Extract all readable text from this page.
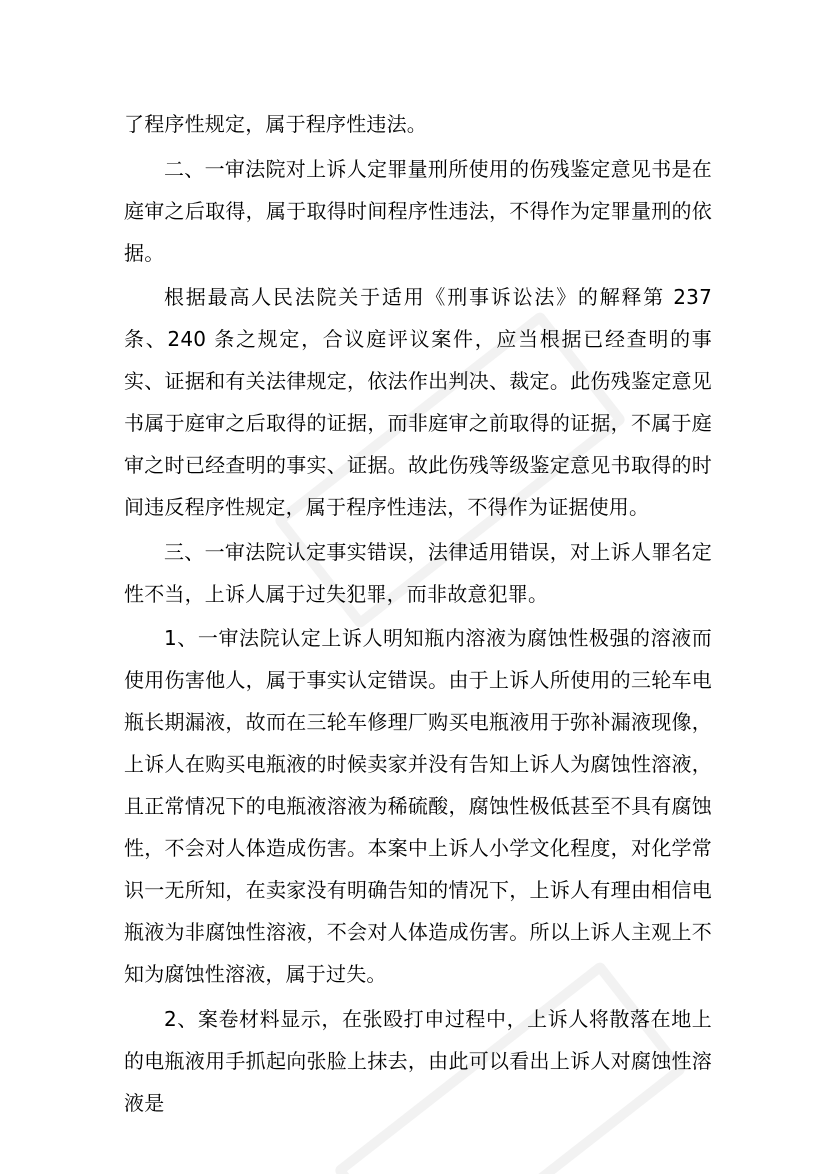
了程序性规定，属于程序性违法。

二、一审法院对上诉人定罪量刑所使用的伤残鉴定意见书是在庭审之后取得，属于取得时间程序性违法，不得作为定罪量刑的依据。

根据最高人民法院关于适用《刑事诉讼法》的解释第 237 条、240 条之规定，合议庭评议案件，应当根据已经查明的事实、证据和有关法律规定，依法作出判决、裁定。此伤残鉴定意见书属于庭审之后取得的证据，而非庭审之前取得的证据，不属于庭审之时已经查明的事实、证据。故此伤残等级鉴定意见书取得的时间违反程序性规定，属于程序性违法，不得作为证据使用。

三、一审法院认定事实错误，法律适用错误，对上诉人罪名定性不当，上诉人属于过失犯罪，而非故意犯罪。

1、一审法院认定上诉人明知瓶内溶液为腐蚀性极强的溶液而使用伤害他人，属于事实认定错误。由于上诉人所使用的三轮车电瓶长期漏液，故而在三轮车修理厂购买电瓶液用于弥补漏液现像，上诉人在购买电瓶液的时候卖家并没有告知上诉人为腐蚀性溶液，且正常情况下的电瓶液溶液为稀硫酸，腐蚀性极低甚至不具有腐蚀性，不会对人体造成伤害。本案中上诉人小学文化程度，对化学常识一无所知，在卖家没有明确告知的情况下，上诉人有理由相信电瓶液为非腐蚀性溶液，不会对人体造成伤害。所以上诉人主观上不知为腐蚀性溶液，属于过失。

2、案卷材料显示，在张殴打申过程中，上诉人将散落在地上的电瓶液用手抓起向张脸上抹去，由此可以看出上诉人对腐蚀性溶液是
